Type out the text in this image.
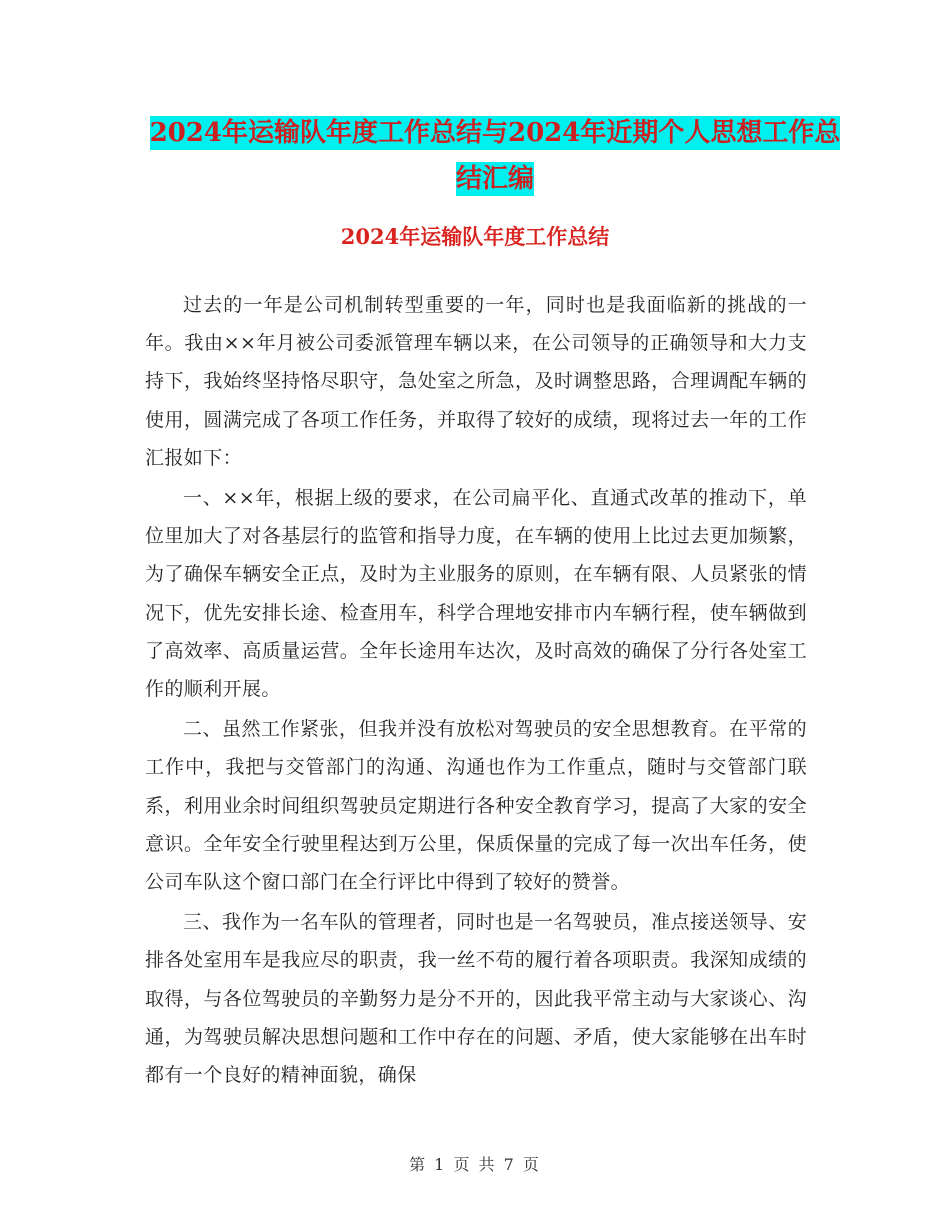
2024年运输队年度工作总结与2024年近期个人思想工作总结汇编
2024年运输队年度工作总结

过去的一年是公司机制转型重要的一年，同时也是我面临新的挑战的一年。我由××年月被公司委派管理车辆以来，在公司领导的正确领导和大力支持下，我始终坚持恪尽职守，急处室之所急，及时调整思路，合理调配车辆的使用，圆满完成了各项工作任务，并取得了较好的成绩，现将过去一年的工作汇报如下：

一、××年，根据上级的要求，在公司扁平化、直通式改革的推动下，单位里加大了对各基层行的监管和指导力度，在车辆的使用上比过去更加频繁，为了确保车辆安全正点，及时为主业服务的原则，在车辆有限、人员紧张的情况下，优先安排长途、检查用车，科学合理地安排市内车辆行程，使车辆做到了高效率、高质量运营。全年长途用车达次，及时高效的确保了分行各处室工作的顺利开展。

二、虽然工作紧张，但我并没有放松对驾驶员的安全思想教育。在平常的工作中，我把与交管部门的沟通、沟通也作为工作重点，随时与交管部门联系，利用业余时间组织驾驶员定期进行各种安全教育学习，提高了大家的安全意识。全年安全行驶里程达到万公里，保质保量的完成了每一次出车任务，使公司车队这个窗口部门在全行评比中得到了较好的赞誉。

三、我作为一名车队的管理者，同时也是一名驾驶员，准点接送领导、安排各处室用车是我应尽的职责，我一丝不苟的履行着各项职责。我深知成绩的取得，与各位驾驶员的辛勤努力是分不开的，因此我平常主动与大家谈心、沟通，为驾驶员解决思想问题和工作中存在的问题、矛盾，使大家能够在出车时都有一个良好的精神面貌，确保

第 1 页 共 7 页
